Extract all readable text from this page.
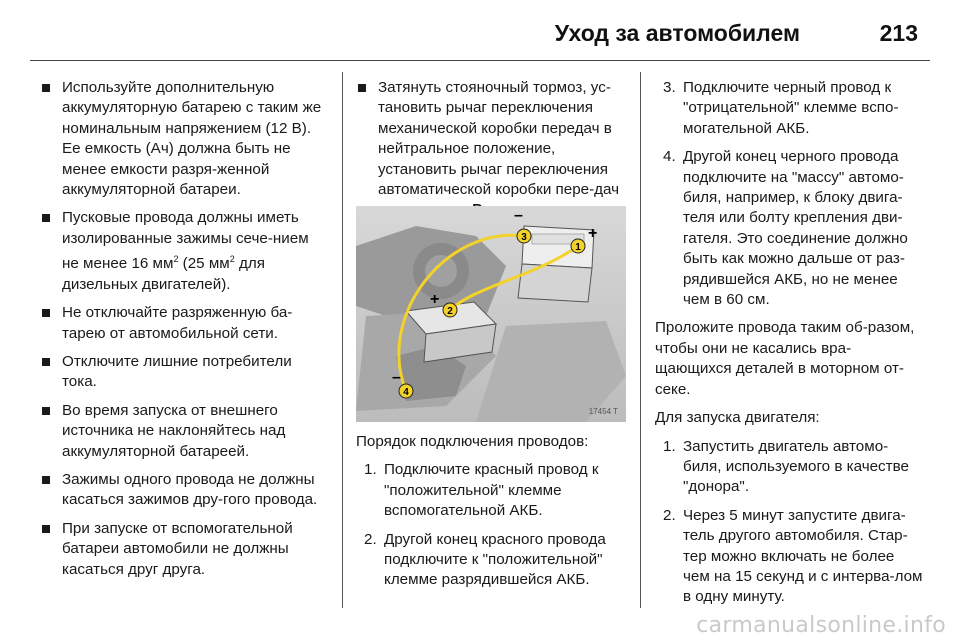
Уход за автомобилем	213
Используйте дополнительную аккумуляторную батарею с таким же номинальным напряжением (12 В). Ее емкость (Ач) должна быть не менее емкости разря-женной аккумуляторной батареи.
Пусковые провода должны иметь изолированные зажимы сече-нием не менее 16 $мм^2$ (25 $мм^2$ для дизельных двигателей).
Не отключайте разряженную ба-тарею от автомобильной сети.
Отключите лишние потребители тока.
Во время запуска от внешнего источника не наклоняйтесь над аккумуляторной батареей.
Зажимы одного провода не должны касаться зажимов дру-гого провода.
При запуске от вспомогательной батареи автомобили не должны касаться друг друга.
Затянуть стояночный тормоз, ус-тановить рычаг переключения механической коробки передач в нейтральное положение, установить рычаг переключения автоматической коробки пере-дач
1
3
2
4
+
–
+
–
17454 T

Порядок подключения проводов:

1. Подключите красный провод к "положительной" клемме вспомогательной АКБ.
2. Другой конец красного провода подключите к "положительной" клемме разрядившейся АКБ.
3. Подключите черный провод к "отрицательной" клемме вспо-могательной АКБ.
4. Другой конец черного провода подключите на "массу" автомо-биля, например, к блоку двига-теля или болту крепления дви-гателя. Это соединение должно быть как можно дальше от раз-рядившейся АКБ, но не менее чем в 60 см.

Проложите провода таким об-разом, чтобы они не касались вра-щающихся деталей в моторном от-секе.

Для запуска двигателя:

1. Запустить двигатель автомо-биля, используемого в качестве "донора".
2. Через 5 минут запустите двига-тель другого автомобиля. Стар-тер можно включать не более чем на 15 секунд и с интерва-лом в одну минуту.
carmanualsonline.info
